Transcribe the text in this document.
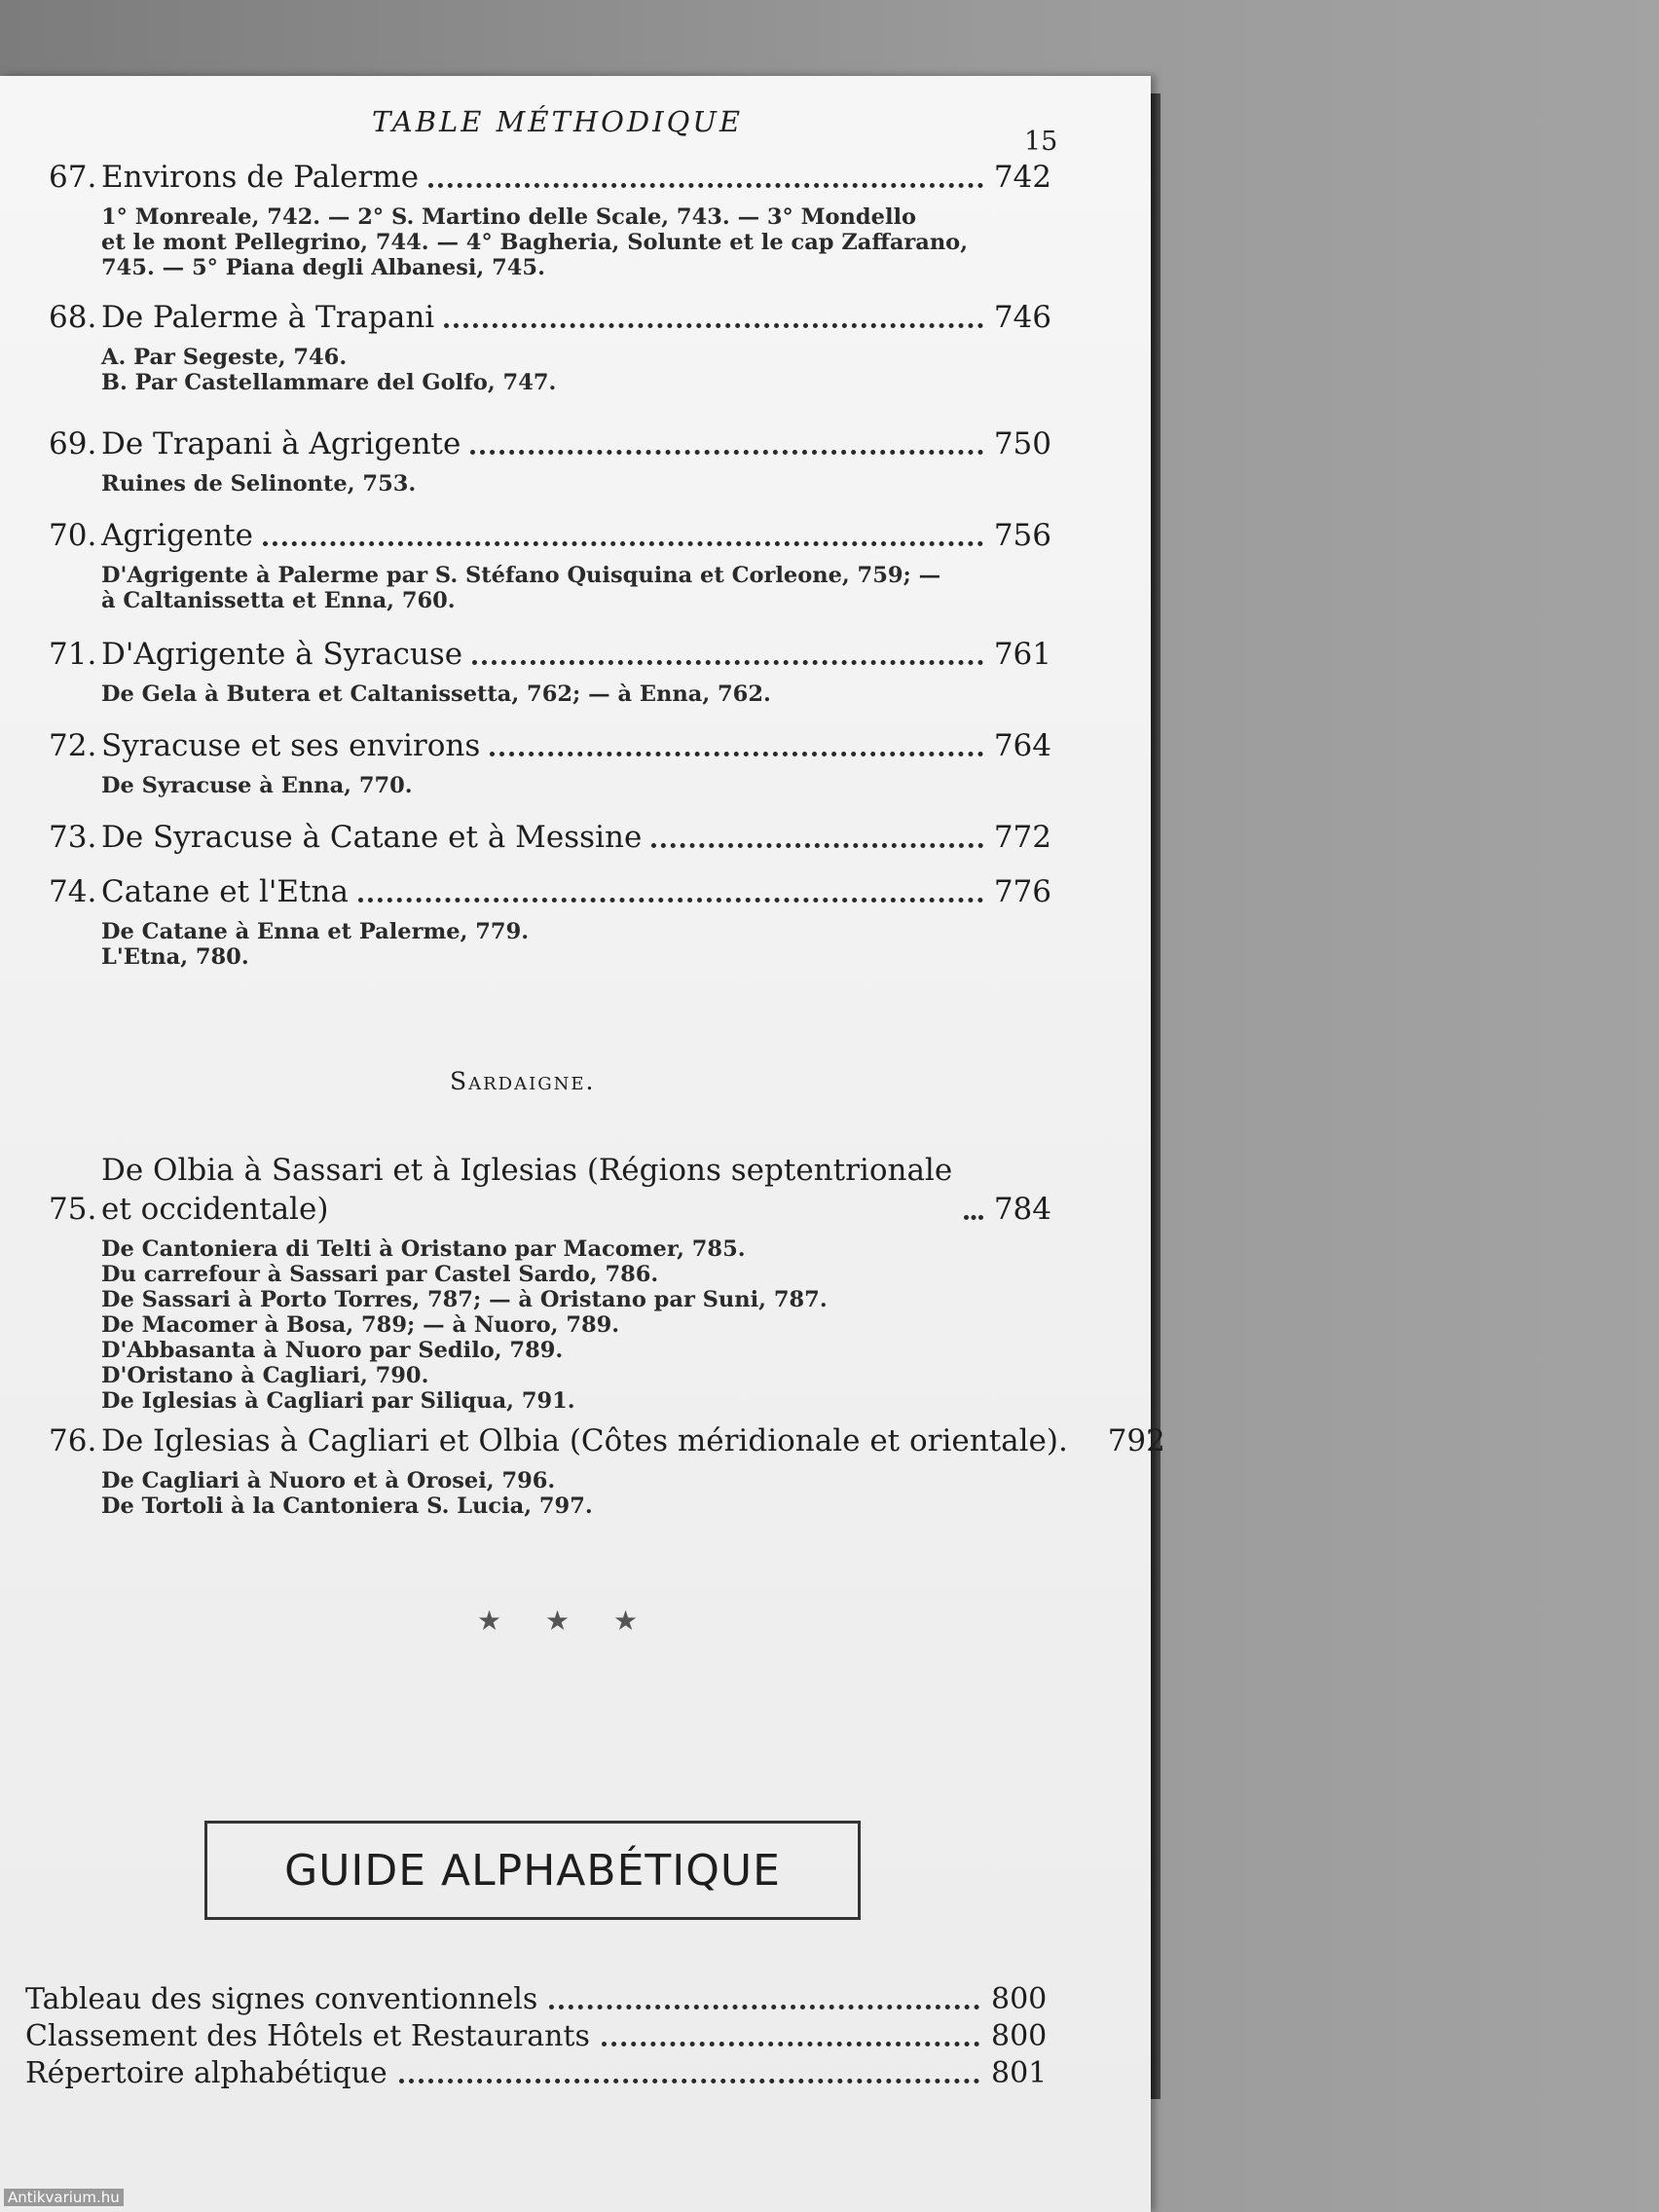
TABLE MÉTHODIQUE
15
67. Environs de Palerme	742
1° Monreale, 742. — 2° S. Martino delle Scale, 743. — 3° Mondello
et le mont Pellegrino, 744. — 4° Bagheria, Solunte et le cap Zaffarano,
745. — 5° Piana degli Albanesi, 745.
68. De Palerme à Trapani	746
A. Par Segeste, 746.
B. Par Castellammare del Golfo, 747.
69. De Trapani à Agrigente	750
Ruines de Selinonte, 753.
70. Agrigente	756
D'Agrigente à Palerme par S. Stéfano Quisquina et Corleone, 759; —
à Caltanissetta et Enna, 760.
71. D'Agrigente à Syracuse	761
De Gela à Butera et Caltanissetta, 762; — à Enna, 762.
72. Syracuse et ses environs	764
De Syracuse à Enna, 770.
73. De Syracuse à Catane et à Messine	772
74. Catane et l'Etna	776
De Catane à Enna et Palerme, 779.
L'Etna, 780.
Sardaigne.
75.
De Olbia à Sassari et à Iglesias (Régions septentrionale et occidentale)	784
De Cantoniera di Telti à Oristano par Macomer, 785.
Du carrefour à Sassari par Castel Sardo, 786.
De Sassari à Porto Torres, 787; — à Oristano par Suni, 787.
De Macomer à Bosa, 789; — à Nuoro, 789.
D'Abbasanta à Nuoro par Sedilo, 789.
D'Oristano à Cagliari, 790.
De Iglesias à Cagliari par Siliqua, 791.
76. De Iglesias à Cagliari et Olbia (Côtes méridionale et orientale). 792
De Cagliari à Nuoro et à Orosei, 796.
De Tortoli à la Cantoniera S. Lucia, 797.
★ ★ ★
GUIDE ALPHABÉTIQUE
Tableau des signes conventionnels	800
Classement des Hôtels et Restaurants	800
Répertoire alphabétique	801
Antikvarium.hu
